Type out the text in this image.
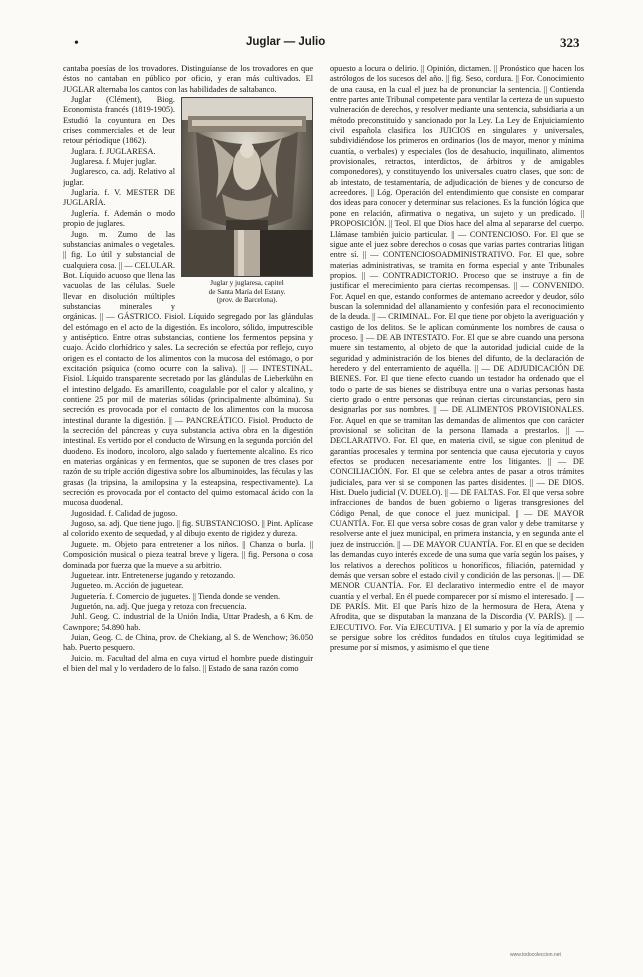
•	Juglar — Julio	323

cantaba poesías de los trovadores. Distinguíanse de los trovadores en que éstos no cantaban en público por oficio, y eran más cultivados. El JUGLAR alternaba los cantos con las habilidades de saltabanco.

Juglar y juglaresa, capitel
de Santa María del Estany.
(prov. de Barcelona).

Juglar (Clément), Biog. Economista francés (1819-1905). Estudió la coyuntura en Des crises commerciales et de leur retour périodique (1862).

Juglara. f. JUGLARESA.

Juglaresa. f. Mujer juglar.

Juglaresco, ca. adj. Relativo al juglar.

Juglaría. f. V. MESTER DE JUGLARÍA.

Juglería. f. Ademán o modo propio de juglares.

Jugo. m. Zumo de las substancias animales o vegetales. || fig. Lo útil y substancial de cualquiera cosa. || — CELULAR. Bot. Líquido acuoso que llena las vacuolas de las células. Suele llevar en disolución múltiples substancias minerales y orgánicas. || — GÁSTRICO. Fisiol. Líquido segregado por las glándulas del estómago en el acto de la digestión. Es incoloro, sólido, imputrescible y antiséptico. Entre otras substancias, contiene los fermentos pepsina y cuajo. Ácido clorhídrico y sales. La secreción se efectúa por reflejo, cuyo origen es el contacto de los alimentos con la mucosa del estómago, o por excitación psíquica (como ocurre con la saliva). || — INTESTINAL. Fisiol. Líquido transparente secretado por las glándulas de Lieberkühn en el intestino delgado. Es amarillento, coagulable por el calor y alcalino, y contiene 25 por mil de materias sólidas (principalmente albúmina). Su secreción es provocada por el contacto de los alimentos con la mucosa intestinal durante la digestión. || — PANCREÁTICO. Fisiol. Producto de la secreción del páncreas y cuya substancia activa obra en la digestión intestinal. Es vertido por el conducto de Wirsung en la segunda porción del duodeno. Es inodoro, incoloro, algo salado y fuertemente alcalino. Es rico en materias orgánicas y en fermentos, que se suponen de tres clases por razón de su triple acción digestiva sobre los albuminoides, las féculas y las grasas (la tripsina, la amilopsina y la esteapsina, respectivamente). La secreción es provocada por el contacto del quimo estomacal ácido con la mucosa duodenal.

Jugosidad. f. Calidad de jugoso.

Jugoso, sa. adj. Que tiene jugo. || fig. SUBSTANCIOSO. || Pint. Aplícase al colorido exento de sequedad, y al dibujo exento de rigidez y dureza.

Juguete. m. Objeto para entretener a los niños. || Chanza o burla. || Composición musical o pieza teatral breve y ligera. || fig. Persona o cosa dominada por fuerza que la mueve a su arbitrio.

Juguetear. intr. Entretenerse jugando y retozando.

Jugueteo. m. Acción de juguetear.

Juguetería. f. Comercio de juguetes. || Tienda donde se venden.

Juguetón, na. adj. Que juega y retoza con frecuencia.

Juhl. Geog. C. industrial de la Unión India, Uttar Pradesh, a 6 Km. de Cawnpore; 54.890 hab.

Juian, Geog. C. de China, prov. de Chekiang, al S. de Wenchow; 36.050 hab. Puerto pesquero.

Juicio. m. Facultad del alma en cuya virtud el hombre puede distinguir el bien del mal y lo verdadero de lo falso. || Estado de sana razón como

opuesto a locura o delirio. || Opinión, dictamen. || Pronóstico que hacen los astrólogos de los sucesos del año. || fig. Seso, cordura. || For. Conocimiento de una causa, en la cual el juez ha de pronunciar la sentencia. || Contienda entre partes ante Tribunal competente para ventilar la certeza de un supuesto vulneración de derechos, y resolver mediante una sentencia, subsidiaria a un método preconstituido y sancionado por la Ley. La Ley de Enjuiciamiento civil española clasifica los JUICIOS en singulares y universales, subdividiéndose los primeros en ordinarios (los de mayor, menor y mínima cuantía, o verbales) y especiales (los de desahucio, inquilinato, alimentos provisionales, retractos, interdictos, de árbitros y de amigables componedores), y constituyendo los universales cuatro clases, que son: de ab intestato, de testamentaría, de adjudicación de bienes y de concurso de acreedores. || Lóg. Operación del entendimiento que consiste en comparar dos ideas para conocer y determinar sus relaciones. Es la función lógica que pone en relación, afirmativa o negativa, un sujeto y un predicado. || PROPOSICIÓN. || Teol. El que Dios hace del alma al separarse del cuerpo. Llámase también juicio particular. || — CONTENCIOSO. For. El que se sigue ante el juez sobre derechos o cosas que varias partes contrarias litigan entre sí. || — CONTENCIOSOADMINISTRATIVO. For. El que, sobre materias administrativas, se tramita en forma especial y ante Tribunales propios. || — CONTRADICTORIO. Proceso que se instruye a fin de justificar el merecimiento para ciertas recompensas. || — CONVENIDO. For. Aquel en que, estando conformes de antemano acreedor y deudor, sólo buscan la solemnidad del allanamiento y confesión para el reconocimiento de la deuda. || — CRIMINAL. For. El que tiene por objeto la averiguación y castigo de los delitos. Se le aplican comúnmente los nombres de causa o proceso. || — DE AB INTESTATO. For. El que se abre cuando una persona muere sin testamento, al objeto de que la autoridad judicial cuide de la seguridad y administración de los bienes del difunto, de la declaración de heredero y del enterramiento de aquélla. || — DE ADJUDICACIÓN DE BIENES. For. El que tiene efecto cuando un testador ha ordenado que el todo o parte de sus bienes se distribuya entre una o varias personas hasta cierto grado o entre personas que reúnan ciertas circunstancias, pero sin designarlas por sus nombres. || — DE ALIMENTOS PROVISIONALES. For. Aquel en que se tramitan las demandas de alimentos que con carácter provisional se solicitan de la persona llamada a prestarlos. || — DECLARATIVO. For. El que, en materia civil, se sigue con plenitud de garantías procesales y termina por sentencia que causa ejecutoria y cuyos efectos se producen necesariamente entre los litigantes. || — DE CONCILIACIÓN. For. El que se celebra antes de pasar a otros trámites judiciales, para ver si se componen las partes disidentes. || — DE DIOS. Hist. Duelo judicial (V. DUELO). || — DE FALTAS. For. El que versa sobre infracciones de bandos de buen gobierno o ligeras transgresiones del Código Penal, de que conoce el juez municipal. || — DE MAYOR CUANTÍA. For. El que versa sobre cosas de gran valor y debe tramitarse y resolverse ante el juez municipal, en primera instancia, y en segunda ante el juez de instrucción. || — DE MAYOR CUANTÍA. For. El en que se deciden las demandas cuyo interés excede de una suma que varía según los países, y los relativos a derechos políticos u honoríficos, filiación, paternidad y demás que versan sobre el estado civil y condición de las personas. || — DE MENOR CUANTÍA. For. El declarativo intermedio entre el de mayor cuantía y el verbal. En él puede comparecer por sí mismo el interesado. || — DE PARÍS. Mit. El que París hizo de la hermosura de Hera, Atena y Afrodita, que se disputaban la manzana de la Discordia (V. PARÍS). || — EJECUTIVO. For. Vía EJECUTIVA. || El sumario y por la vía de apremio se persigue sobre los créditos fundados en títulos cuya legitimidad se presume por sí mismos, y asimismo el que tiene

www.todocoleccion.net
